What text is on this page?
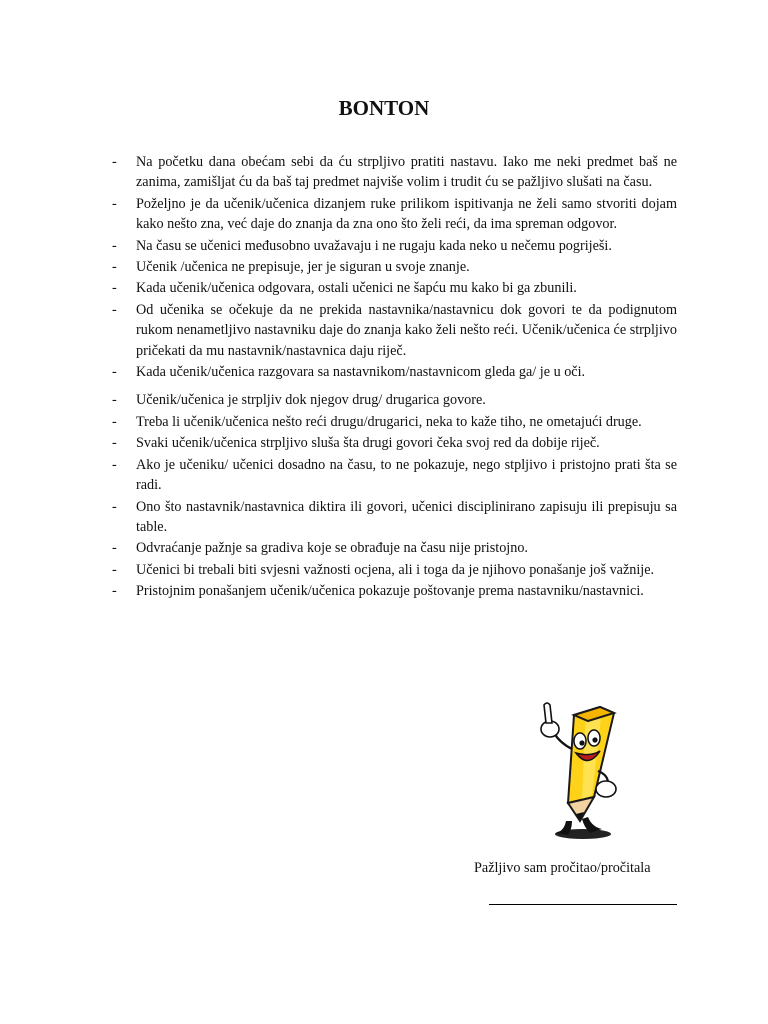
BONTON
- Na početku dana obećam sebi da ću strpljivo pratiti nastavu. Iako me neki predmet baš ne zanima, zamišljat ću da baš taj predmet najviše volim i trudit ću se pažljivo slušati na času.
- Poželjno je da učenik/učenica dizanjem ruke prilikom ispitivanja ne želi samo stvoriti dojam kako nešto zna, već daje do znanja da zna ono što želi reći, da ima spreman odgovor.
- Na času se učenici međusobno uvažavaju i ne rugaju kada neko u nečemu pogriješi.
- Učenik /učenica ne prepisuje, jer je siguran u svoje znanje.
- Kada učenik/učenica odgovara, ostali učenici ne šapću mu kako bi ga zbunili.
- Od učenika se očekuje da ne prekida nastavnika/nastavnicu dok govori te da podignutom rukom nenametljivo nastavniku daje do znanja kako želi nešto reći. Učenik/učenica će strpljivo pričekati da mu nastavnik/nastavnica daju riječ.
- Kada učenik/učenica razgovara sa nastavnikom/nastavnicom gleda ga/ je u oči.
- Učenik/učenica je strpljiv dok njegov drug/ drugarica govore.
- Treba li učenik/učenica nešto reći drugu/drugarici, neka to kaže tiho, ne ometajući druge.
- Svaki učenik/učenica strpljivo sluša šta drugi govori čeka svoj red da dobije riječ.
- Ako je učeniku/ učenici dosadno na času, to ne pokazuje, nego stpljivo i pristojno prati šta se radi.
- Ono što nastavnik/nastavnica diktira ili govori, učenici disciplinirano zapisuju ili prepisuju sa table.
- Odvraćanje pažnje sa gradiva koje se obrađuje na času nije pristojno.
- Učenici bi trebali biti svjesni važnosti ocjena, ali i toga da je njihovo ponašanje još važnije.
- Pristojnim ponašanjem učenik/učenica pokazuje poštovanje prema nastavniku/nastavnici.
Pažljivo sam pročitao/pročitala
